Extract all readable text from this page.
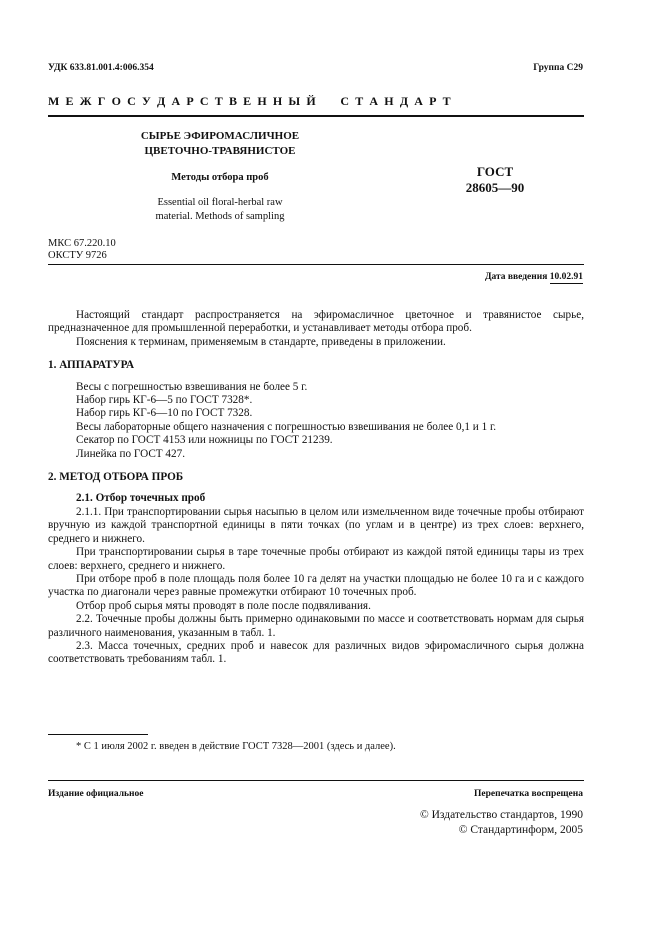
УДК 633.81.001.4:006.354	Группа С29
М Е Ж Г О С У Д А Р С Т В Е Н Н Ы Й     С Т А Н Д А Р Т
СЫРЬЕ ЭФИРОМАСЛИЧНОЕ
ЦВЕТОЧНО-ТРАВЯНИСТОЕ
Методы отбора проб
Essential oil floral-herbal raw
material. Methods of sampling
ГОСТ
28605—90
МКС 67.220.10
ОКСТУ 9726
Дата введения 10.02.91

Настоящий стандарт распространяется на эфиромасличное цветочное и травянистое сырье, предназначенное для промышленной переработки, и устанавливает методы отбора проб.

Пояснения к терминам, применяемым в стандарте, приведены в приложении.

1. АППАРАТУРА

Весы с погрешностью взвешивания не более 5 г.

Набор гирь КГ-6—5 по ГОСТ 7328*.

Набор гирь КГ-6—10 по ГОСТ 7328.

Весы лабораторные общего назначения с погрешностью взвешивания не более 0,1 и 1 г.

Секатор по ГОСТ 4153 или ножницы по ГОСТ 21239.

Линейка по ГОСТ 427.

2. МЕТОД ОТБОРА ПРОБ

2.1. Отбор точечных проб

2.1.1. При транспортировании сырья насыпью в целом или измельченном виде точечные пробы отбирают вручную из каждой транспортной единицы в пяти точках (по углам и в центре) из трех слоев: верхнего, среднего и нижнего.

При транспортировании сырья в таре точечные пробы отбирают из каждой пятой единицы тары из трех слоев: верхнего, среднего и нижнего.

При отборе проб в поле площадь поля более 10 га делят на участки площадью не более 10 га и с каждого участка по диагонали через равные промежутки отбирают 10 точечных проб.

Отбор проб сырья мяты проводят в поле после подвяливания.

2.2. Точечные пробы должны быть примерно одинаковыми по массе и соответствовать нормам для сырья различного наименования, указанным в табл. 1.

2.3. Масса точечных, средних проб и навесок для различных видов эфиромасличного сырья должна соответствовать требованиям табл. 1.

* С 1 июля 2002 г. введен в действие ГОСТ 7328—2001 (здесь и далее).
Издание официальное	Перепечатка воспрещена
© Издательство стандартов, 1990
© Стандартинформ, 2005
